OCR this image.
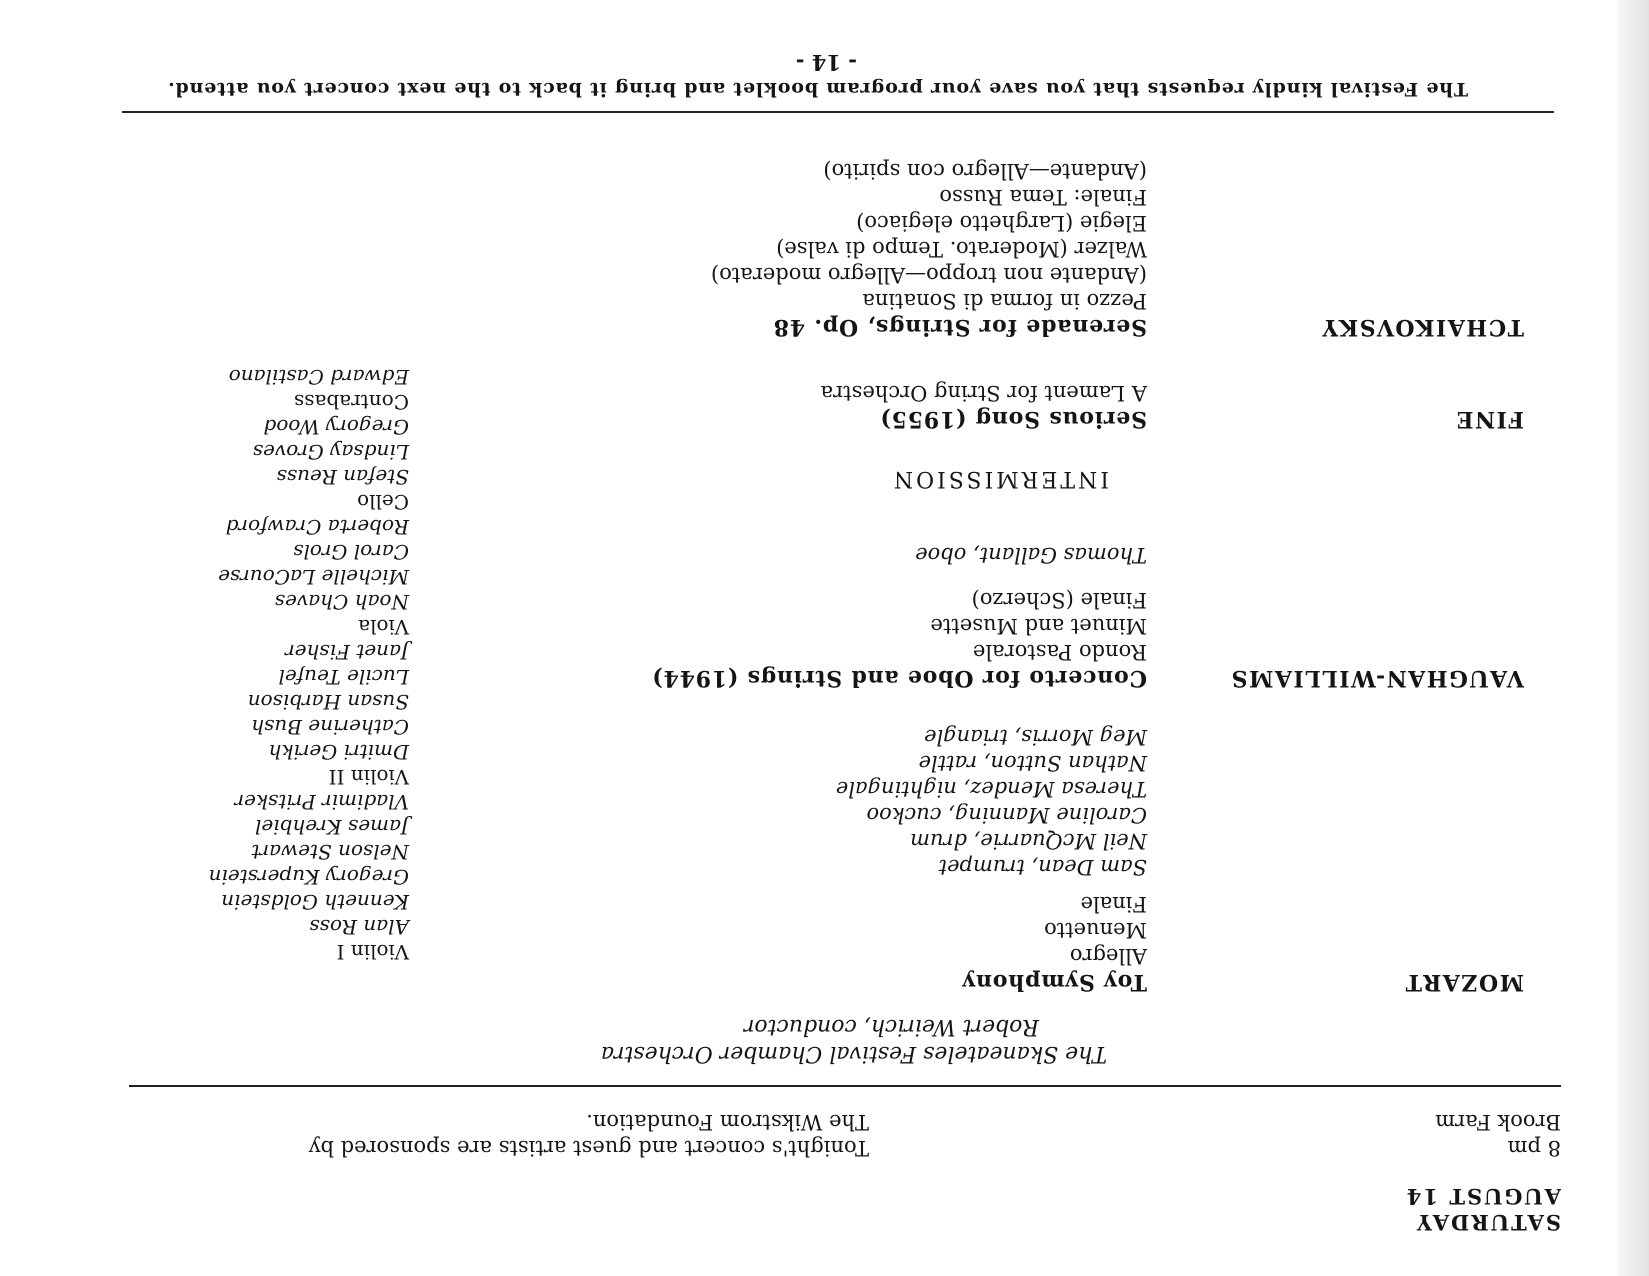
SATURDAY
AUGUST 14
8 pm
Brook Farm
Tonight's concert and guest artists are sponsored by
The Wikstrom Foundation.
The Skaneateles Festival Chamber Orchestra
Robert Weirich, conductor
MOZART
Toy Symphony
Allegro
Menuetto
Finale
Sam Dean, trumpet
Neil McQuarrie, drum
Caroline Manning, cuckoo
Theresa Mendez, nightingale
Nathan Sutton, rattle
Meg Morris, triangle
VAUGHAN-WILLIAMS
Concerto for Oboe and Strings (1944)
Rondo Pastorale
Minuet and Musette
Finale (Scherzo)
Thomas Gallant, oboe
INTERMISSION
FINE
Serious Song (1955)
A Lament for String Orchestra
TCHAIKOVSKY
Serenade for Strings, Op. 48
Pezzo in forma di Sonatina
(Andante non troppo—Allegro moderato)
Walzer (Moderato. Tempo di valse)
Elegie (Larghetto elegiaco)
Finale: Tema Russo
(Andante—Allegro con spirito)
Violin I
Alan Ross
Kenneth Goldstein
Gregory Kuperstein
Nelson Stewart
James Krehbiel
Vladimir Pritsker
Violin II
Dmitri Gerikh
Catherine Bush
Susan Harbison
Lucile Teufel
Janet Fisher
Viola
Noah Chaves
Michelle LaCourse
Carol Grols
Roberta Crawford
Cello
Stefan Reuss
Lindsay Groves
Gregory Wood
Contrabass
Edward Castilano
The Festival kindly requests that you save your program booklet and bring it back to the next concert you attend.
- 14 -
